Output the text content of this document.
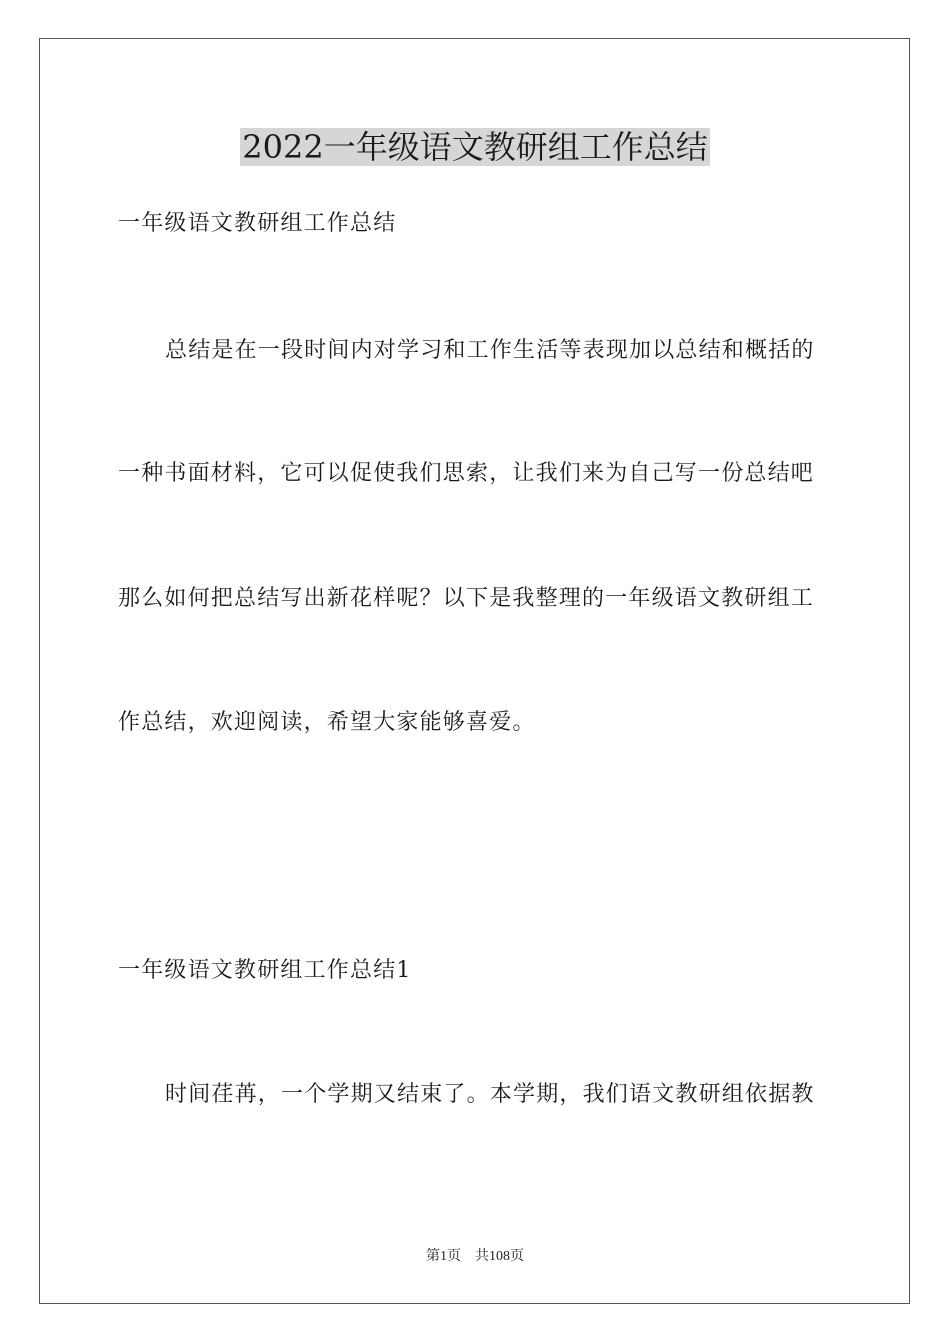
2022一年级语文教研组工作总结
一年级语文教研组工作总结
总结是在一段时间内对学习和工作生活等表现加以总结和概括的
一种书面材料，它可以促使我们思索，让我们来为自己写一份总结吧
那么如何把总结写出新花样呢？以下是我整理的一年级语文教研组工
作总结，欢迎阅读，希望大家能够喜爱。
一年级语文教研组工作总结1
时间荏苒，一个学期又结束了。本学期，我们语文教研组依据教
第1页　共108页
